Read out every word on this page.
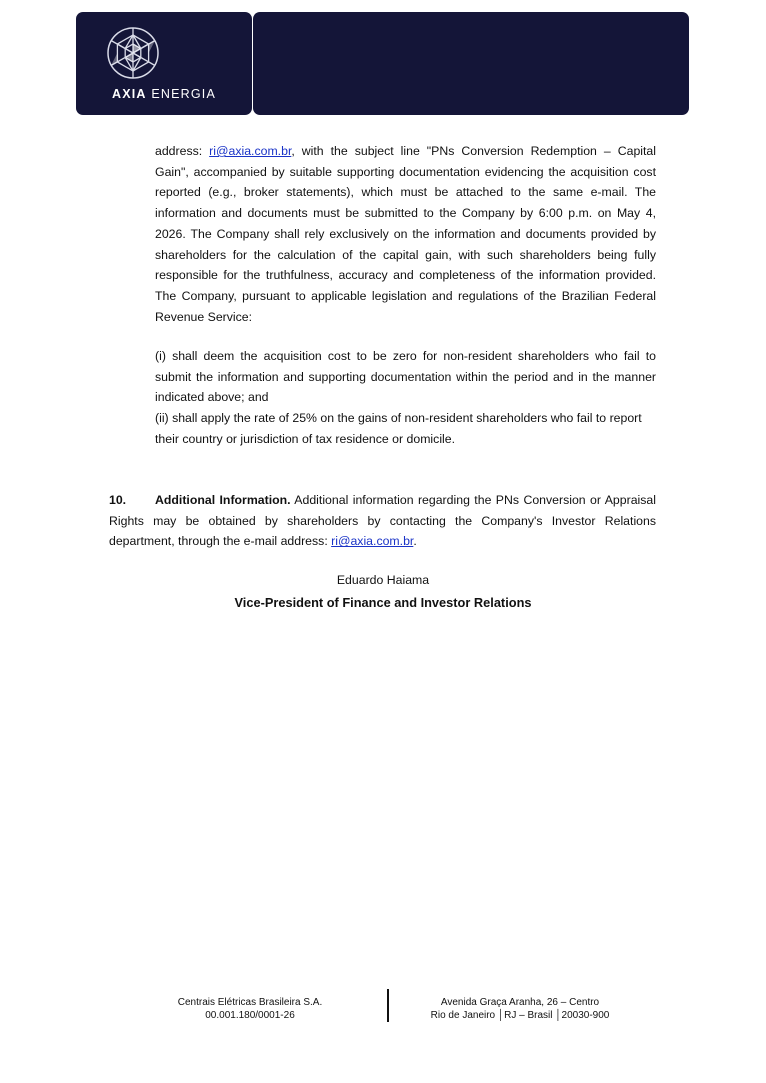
AXIA ENERGIA
address: ri@axia.com.br, with the subject line "PNs Conversion Redemption – Capital Gain", accompanied by suitable supporting documentation evidencing the acquisition cost reported (e.g., broker statements), which must be attached to the same e-mail. The information and documents must be submitted to the Company by 6:00 p.m. on May 4, 2026. The Company shall rely exclusively on the information and documents provided by shareholders for the calculation of the capital gain, with such shareholders being fully responsible for the truthfulness, accuracy and completeness of the information provided. The Company, pursuant to applicable legislation and regulations of the Brazilian Federal Revenue Service:
(i) shall deem the acquisition cost to be zero for non-resident shareholders who fail to submit the information and supporting documentation within the period and in the manner indicated above; and
(ii) shall apply the rate of 25% on the gains of non-resident shareholders who fail to report their country or jurisdiction of tax residence or domicile.
10. Additional Information. Additional information regarding the PNs Conversion or Appraisal Rights may be obtained by shareholders by contacting the Company's Investor Relations department, through the e-mail address: ri@axia.com.br.
Eduardo Haiama
Vice-President of Finance and Investor Relations
Centrais Elétricas Brasileira S.A.
00.001.180/0001-26
Avenida Graça Aranha, 26 – Centro
Rio de Janeiro │RJ – Brasil │20030-900
